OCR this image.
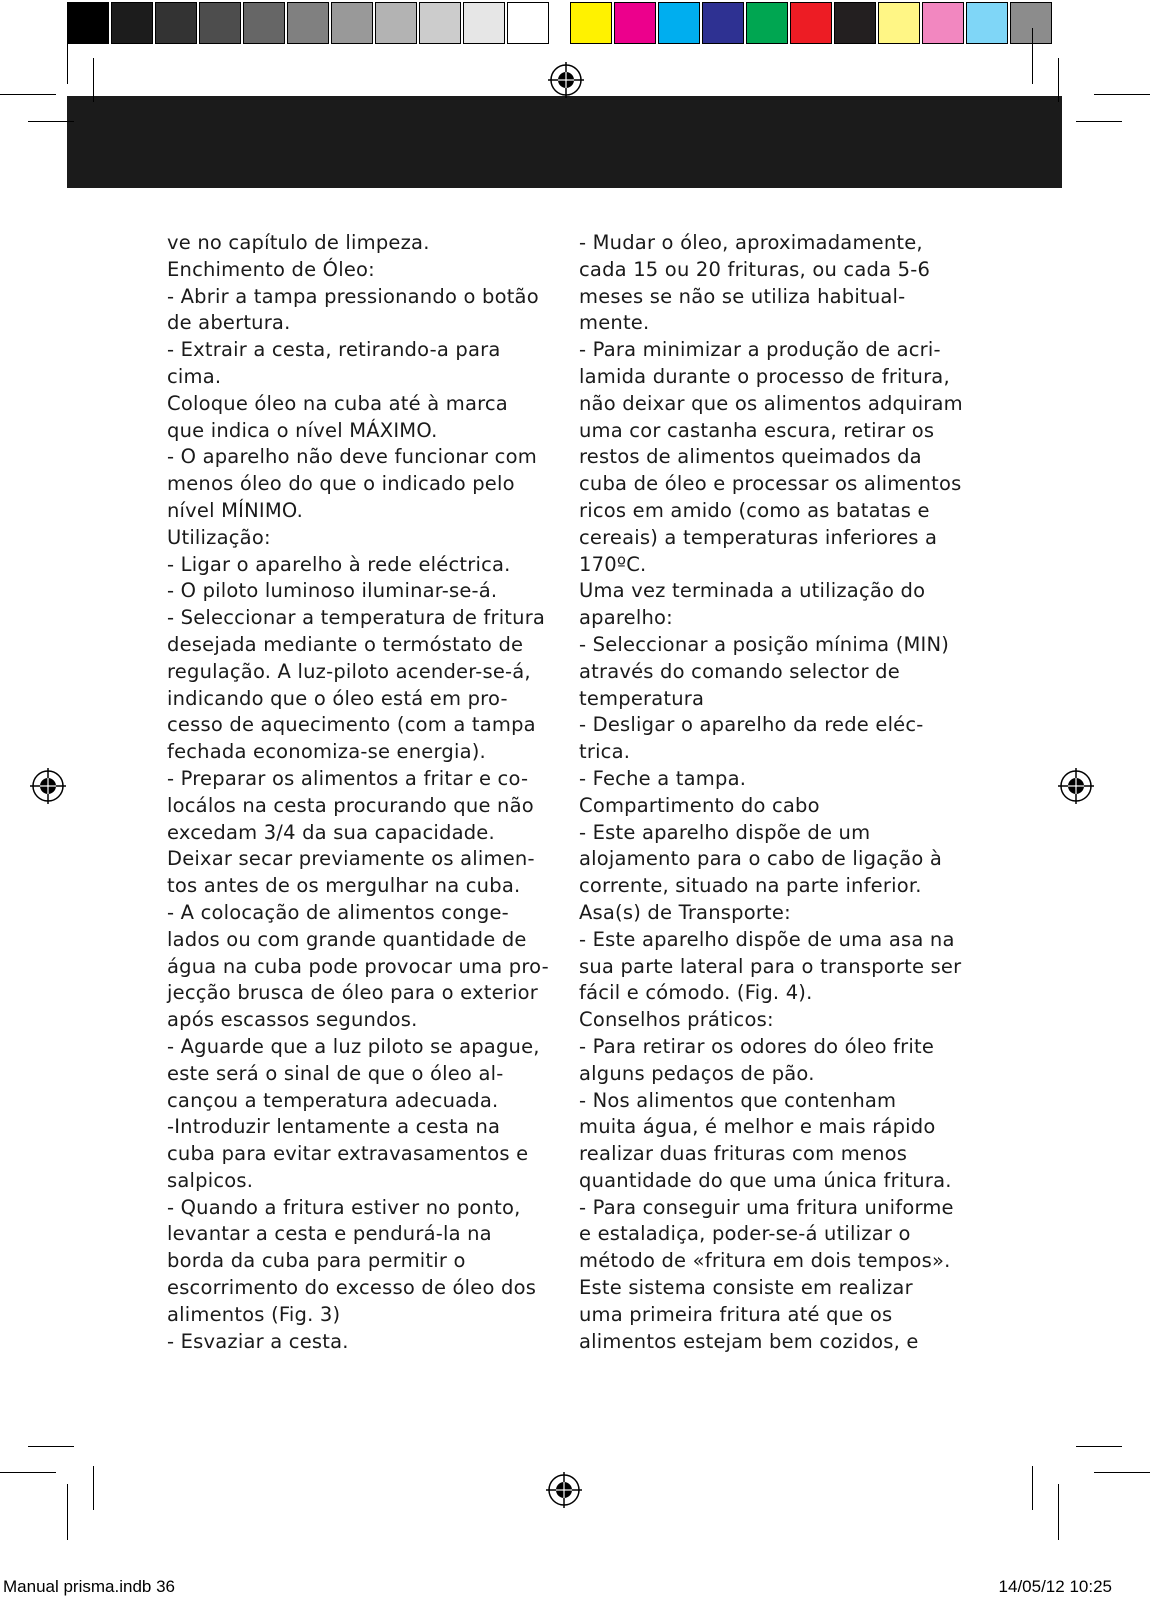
ve no capítulo de limpeza.

Enchimento de Óleo:

- Abrir a tampa pressionando o botão

de abertura.

- Extrair a cesta, retirando-a para

cima.

Coloque óleo na cuba até à marca

que indica o nível MÁXIMO.

- O aparelho não deve funcionar com

menos óleo do que o indicado pelo

nível MÍNIMO.

Utilização:

- Ligar o aparelho à rede eléctrica.

- O piloto luminoso iluminar-se-á.

- Seleccionar a temperatura de fritura

desejada mediante o termóstato de

regulação. A luz-piloto acender-se-á,

indicando que o óleo está em pro-

cesso de aquecimento (com a tampa

fechada economiza-se energia).

- Preparar os alimentos a fritar e co-

locálos na cesta procurando que não

excedam 3/4 da sua capacidade.

Deixar secar previamente os alimen-

tos antes de os mergulhar na cuba.

- A colocação de alimentos conge-

lados ou com grande quantidade de

água na cuba pode provocar uma pro-

jecção brusca de óleo para o exterior

após escassos segundos.

- Aguarde que a luz piloto se apague,

este será o sinal de que o óleo al-

cançou a temperatura adecuada.

-Introduzir lentamente a cesta na

cuba para evitar extravasamentos e

salpicos.

- Quando a fritura estiver no ponto,

levantar a cesta e pendurá-la na

borda da cuba para permitir o

escorrimento do excesso de óleo dos

alimentos (Fig. 3)

- Esvaziar a cesta.

- Mudar o óleo, aproximadamente,

cada 15 ou 20 frituras, ou cada 5-6

meses se não se utiliza habitual-

mente.

- Para minimizar a produção de acri-

lamida durante o processo de fritura,

não deixar que os alimentos adquiram

uma cor castanha escura, retirar os

restos de alimentos queimados da

cuba de óleo e processar os alimentos

ricos em amido (como as batatas e

cereais) a temperaturas inferiores a

170ºC.

Uma vez terminada a utilização do

aparelho:

- Seleccionar a posição mínima (MIN)

através do comando selector de

temperatura

- Desligar o aparelho da rede eléc-

trica.

- Feche a tampa.

Compartimento do cabo

- Este aparelho dispõe de um

alojamento para o cabo de ligação à

corrente, situado na parte inferior.

Asa(s) de Transporte:

- Este aparelho dispõe de uma asa na

sua parte lateral para o transporte ser

fácil e cómodo. (Fig. 4).

Conselhos práticos:

- Para retirar os odores do óleo frite

alguns pedaços de pão.

- Nos alimentos que contenham

muita água, é melhor e mais rápido

realizar duas frituras com menos

quantidade do que uma única fritura.

- Para conseguir uma fritura uniforme

e estaladiça, poder-se-á utilizar o

método de «fritura em dois tempos».

Este sistema consiste em realizar

uma primeira fritura até que os

alimentos estejam bem cozidos, e

Manual prisma.indb 36	14/05/12 10:25
